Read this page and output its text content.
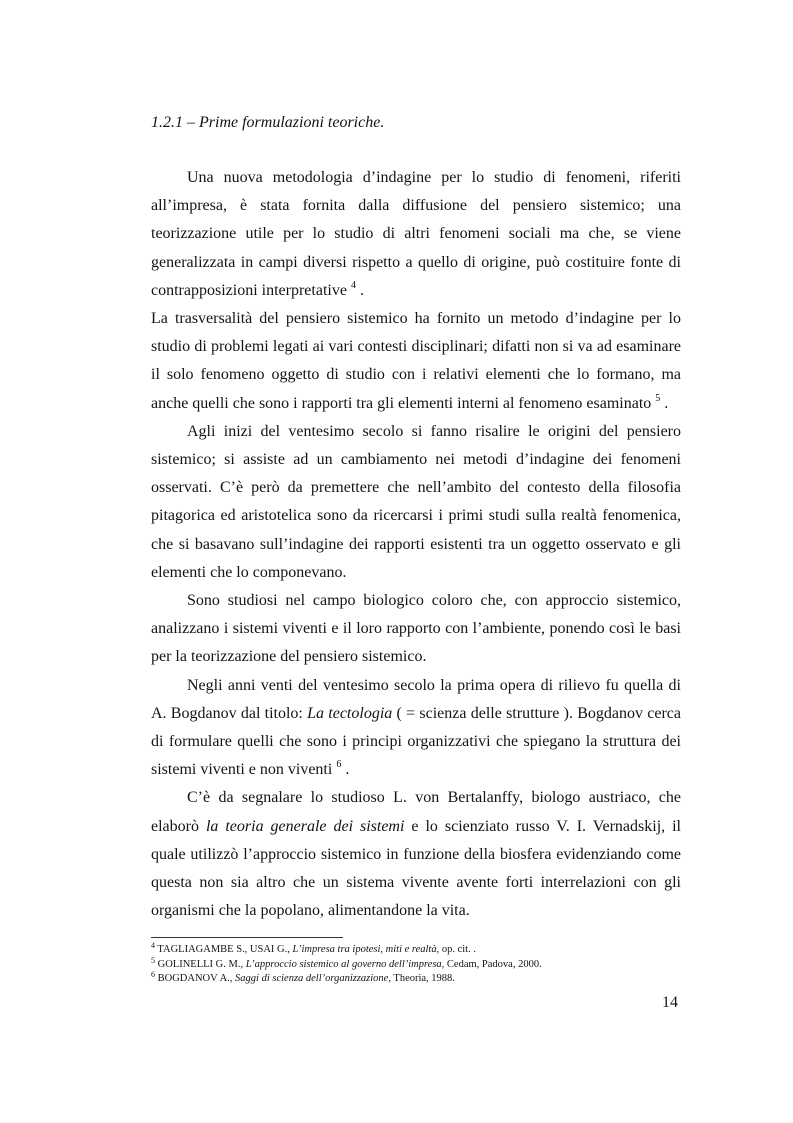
1.2.1 – Prime formulazioni teoriche.

Una nuova metodologia d’indagine per lo studio di fenomeni, riferiti all’impresa, è stata fornita dalla diffusione del pensiero sistemico; una teorizzazione utile per lo studio di altri fenomeni sociali ma che, se viene generalizzata in campi diversi rispetto a quello di origine, può costituire fonte di contrapposizioni interpretative $^4$ .

La trasversalità del pensiero sistemico ha fornito un metodo d’indagine per lo studio di problemi legati ai vari contesti disciplinari; difatti non si va ad esaminare il solo fenomeno oggetto di studio con i relativi elementi che lo formano, ma anche quelli che sono i rapporti tra gli elementi interni al fenomeno esaminato $^5$ .

Agli inizi del ventesimo secolo si fanno risalire le origini del pensiero sistemico; si assiste ad un cambiamento nei metodi d’indagine dei fenomeni osservati. C’è però da premettere che nell’ambito del contesto della filosofia pitagorica ed aristotelica sono da ricercarsi i primi studi sulla realtà fenomenica, che si basavano sull’indagine dei rapporti esistenti tra un oggetto osservato e gli elementi che lo componevano.

Sono studiosi nel campo biologico coloro che, con approccio sistemico, analizzano i sistemi viventi e il loro rapporto con l’ambiente, ponendo così le basi per la teorizzazione del pensiero sistemico.

Negli anni venti del ventesimo secolo la prima opera di rilievo fu quella di A. Bogdanov dal titolo: La tectologia ( = scienza delle strutture ). Bogdanov cerca di formulare quelli che sono i principi organizzativi che spiegano la struttura dei sistemi viventi e non viventi $^6$ .

C’è da segnalare lo studioso L. von Bertalanffy, biologo austriaco, che elaborò la teoria generale dei sistemi e lo scienziato russo V. I. Vernadskij, il quale utilizzò l’approccio sistemico in funzione della biosfera evidenziando come questa non sia altro che un sistema vivente avente forti interrelazioni con gli organismi che la popolano, alimentandone la vita.

$^4$ TAGLIAGAMBE S., USAI G., L’impresa tra ipotesi, miti e realtà, op. cit. .
$^5$ GOLINELLI G. M., L’approccio sistemico al governo dell’impresa, Cedam, Padova, 2000.
$^6$ BOGDANOV A., Saggi di scienza dell’organizzazione, Theoria, 1988.
14
